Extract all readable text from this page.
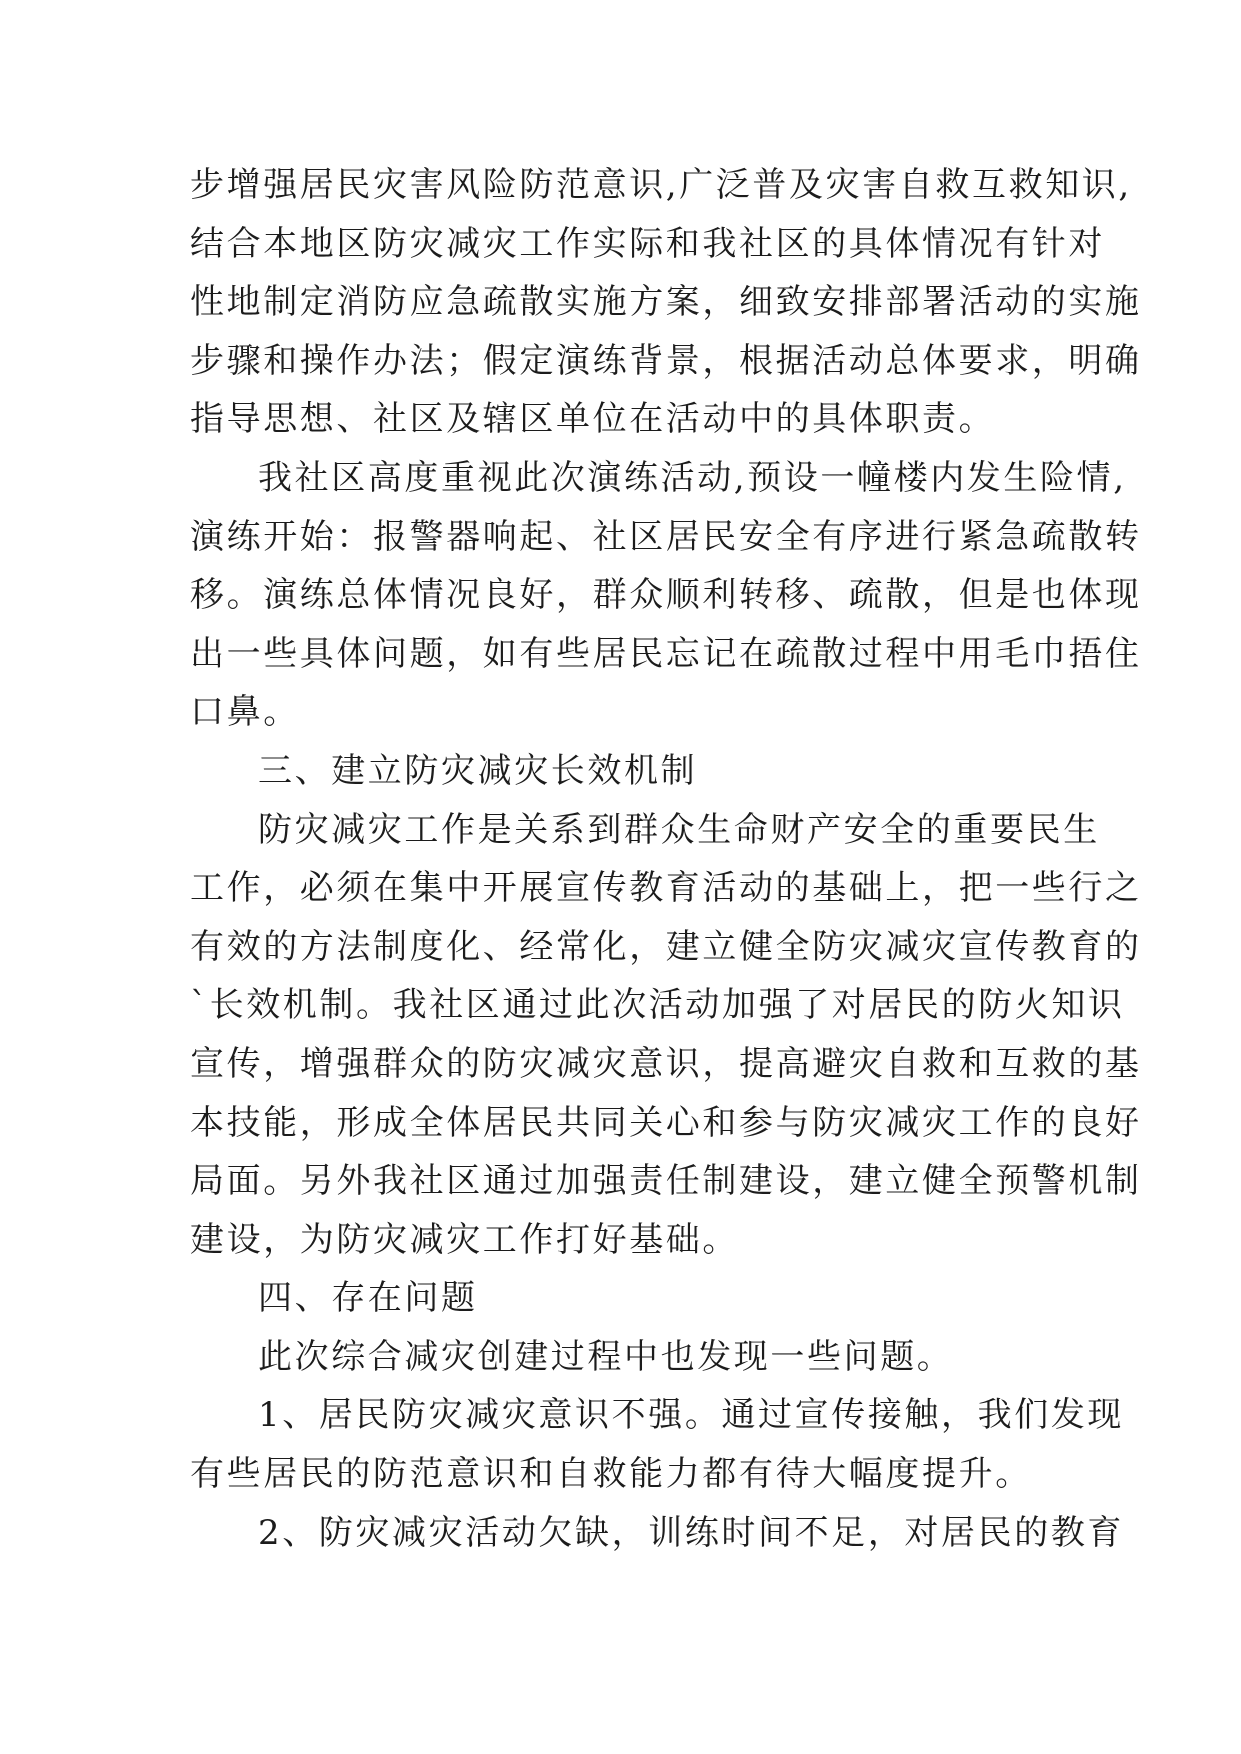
步增强居民灾害风险防范意识,广泛普及灾害自救互救知识,
结合本地区防灾减灾工作实际和我社区的具体情况有针对
性地制定消防应急疏散实施方案，细致安排部署活动的实施
步骤和操作办法；假定演练背景，根据活动总体要求，明确
指导思想、社区及辖区单位在活动中的具体职责。
我社区高度重视此次演练活动,预设一幢楼内发生险情,
演练开始：报警器响起、社区居民安全有序进行紧急疏散转
移。演练总体情况良好，群众顺利转移、疏散，但是也体现
出一些具体问题，如有些居民忘记在疏散过程中用毛巾捂住
口鼻。
三、建立防灾减灾长效机制
防灾减灾工作是关系到群众生命财产安全的重要民生
工作，必须在集中开展宣传教育活动的基础上，把一些行之
有效的方法制度化、经常化，建立健全防灾减灾宣传教育的
`长效机制。我社区通过此次活动加强了对居民的防火知识
宣传，增强群众的防灾减灾意识，提高避灾自救和互救的基
本技能，形成全体居民共同关心和参与防灾减灾工作的良好
局面。另外我社区通过加强责任制建设，建立健全预警机制
建设，为防灾减灾工作打好基础。
四、存在问题
此次综合减灾创建过程中也发现一些问题。
1、居民防灾减灾意识不强。通过宣传接触，我们发现
有些居民的防范意识和自救能力都有待大幅度提升。
2、防灾减灾活动欠缺，训练时间不足，对居民的教育
